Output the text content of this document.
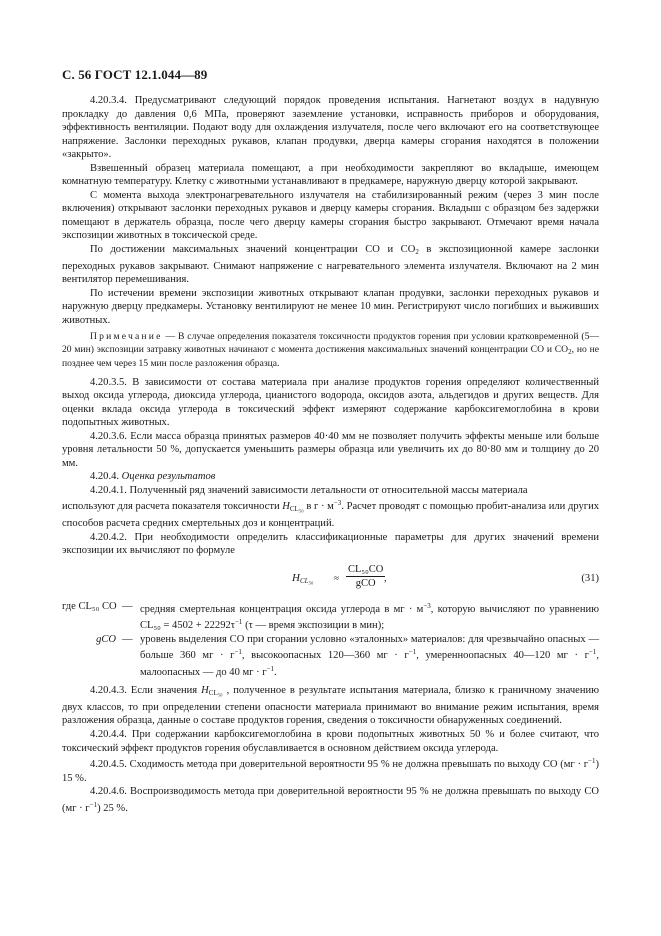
С. 56 ГОСТ 12.1.044—89

4.20.3.4. Предусматривают следующий порядок проведения испытания. Нагнетают воздух в надувную прокладку до давления 0,6 МПа, проверяют заземление установки, исправность приборов и оборудования, эффективность вентиляции. Подают воду для охлаждения излучателя, после чего включают его на соответствующее напряжение. Заслонки переходных рукавов, клапан продувки, дверца камеры сгорания находятся в положении «закрыто».

Взвешенный образец материала помещают, а при необходимости закрепляют во вкладыше, имеющем комнатную температуру. Клетку с животными устанавливают в предкамере, наружную дверцу которой закрывают.

С момента выхода электронагревательного излучателя на стабилизированный режим (через 3 мин после включения) открывают заслонки переходных рукавов и дверцу камеры сгорания. Вкладыш с образцом без задержки помещают в держатель образца, после чего дверцу камеры сгорания быстро закрывают. Отмечают время начала экспозиции животных в токсической среде.

По достижении максимальных значений концентрации СО и $СО_2$ в экспозиционной камере заслонки переходных рукавов закрывают. Снимают напряжение с нагревательного элемента излучателя. Включают на 2 мин вентилятор перемешивания.

По истечении времени экспозиции животных открывают клапан продувки, заслонки переходных рукавов и наружную дверцу предкамеры. Установку вентилируют не менее 10 мин. Регистрируют число погибших и выживших животных.

Примечание — В случае определения показателя токсичности продуктов горения при условии кратковременной (5—20 мин) экспозиции затравку животных начинают с момента достижения максимальных значений концентрации СО и $СО_2$, но не позднее чем через 15 мин после разложения образца.

4.20.3.5. В зависимости от состава материала при анализе продуктов горения определяют количественный выход оксида углерода, диоксида углерода, цианистого водорода, оксидов азота, альдегидов и других веществ. Для оценки вклада оксида углерода в токсический эффект измеряют содержание карбоксигемоглобина в крови подопытных животных.

4.20.3.6. Если масса образца принятых размеров 40·40 мм не позволяет получить эффекты меньше или больше уровня летальности 50 %, допускается уменьшить размеры образца или увеличить их до 80·80 мм и толщину до 20 мм.

4.20.4. Оценка результатов

4.20.4.1. Полученный ряд значений зависимости летальности от относительной массы материала

используют для расчета показателя токсичности $H_{CL_{50}}$ в $г \cdot м^{-3}$. Расчет проводят с помощью пробит-анализа или других способов расчета средних смертельных доз и концентраций.

4.20.4.2. При необходимости определить классификационные параметры для других значений времени экспозиции их вычисляют по формуле

$H_{CL_{50}}$ ≈
CL₅₀CO
gCO ,	(31)
где CL₅₀ CO — средняя смертельная концентрация оксида углерода в мг · $м^{-3}$, которую вычисляют по уравнению $CL_{50} = 4502 + 22292\tau^{-1}$ (τ — время экспозиции в мин);
gCO — уровень выделения СО при сгорании условно «эталонных» материалов: для чрезвычайно опасных — больше 360 мг · $г^{-1}$, высокоопасных 120—360 мг · $г^{-1}$, умеренноопасных 40—120 мг · $г^{-1}$, малоопасных — до 40 мг · $г^{-1}$.

4.20.4.3. Если значения $H_{CL_{50}}$ , полученное в результате испытания материала, близко к граничному значению двух классов, то при определении степени опасности материала принимают во внимание режим испытания, время разложения образца, данные о составе продуктов горения, сведения о токсичности обнаруженных соединений.

4.20.4.4. При содержании карбоксигемоглобина в крови подопытных животных 50 % и более считают, что токсический эффект продуктов горения обуславливается в основном действием оксида углерода.

4.20.4.5. Сходимость метода при доверительной вероятности 95 % не должна превышать по выходу СО $(мг \cdot г^{-1})$ 15 %.

4.20.4.6. Воспроизводимость метода при доверительной вероятности 95 % не должна превышать по выходу СО $(мг \cdot г^{-1})$ 25 %.
